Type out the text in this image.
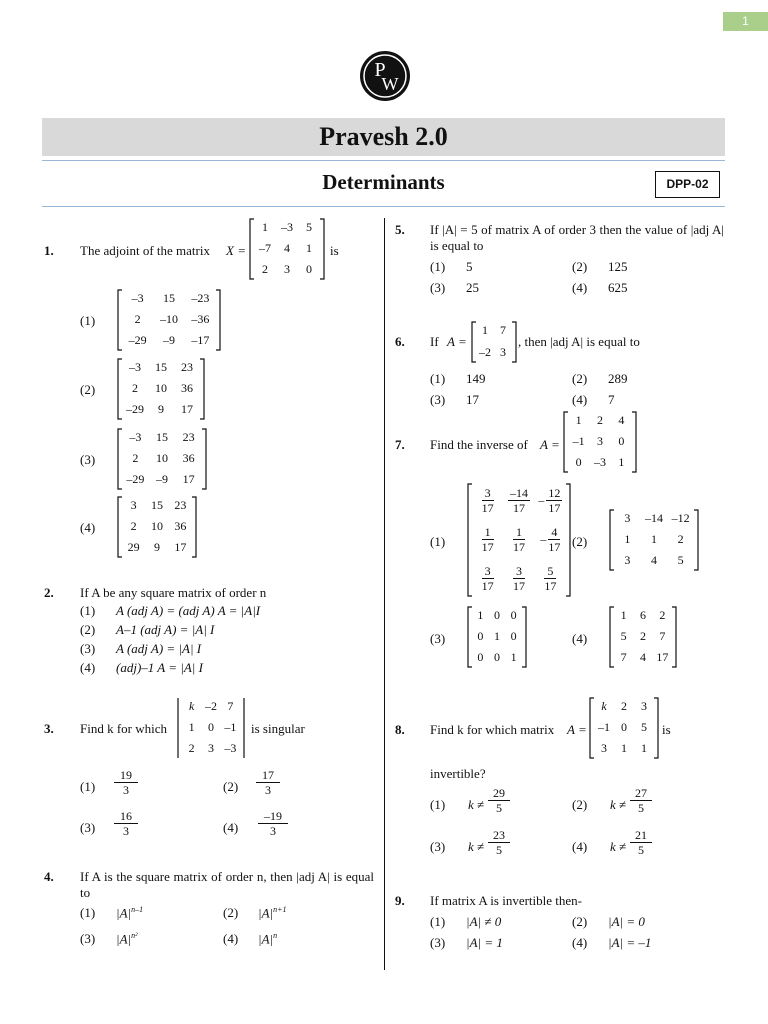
1
P
W
Pravesh 2.0
Determinants	DPP-02
1. The adjoint of the matrix X =
1	–3	5
–7	4	1
2	3	0
is
(1)
–3	15	–23
2	–10	–36
–29	–9	–17
(2)
–3	15	23
2	10	36
–29	9	17
(3)
–3	15	23
2	10	36
–29 –9	17
(4)
3	15 23
2	10 36
29	9	17
2. If A be any square matrix of order n
(1) A (adj A) = (adj A) A = |A|I
(2) A–1 (adj A) = |A| I
(3) A (adj A) = |A| I
(4) (adj)–1 A = |A| I
3. Find k for which
k –2 7
1	0 –1
2	3 –3
is singular
$(1) \frac{19}{3}$	$(2) \frac{17}{3}$
$(3) \frac{16}{3}$	$(4) \frac{-19}{3}$
4. If A is the square matrix of order n, then |adj A| is equal to
(1) $|A|^{n-1}$	(2) $|A|^{n+1}$
(3) $|A|^{n^2}$	(4) $|A|^n$
5. If |A| = 5 of matrix A of order 3 then the value of |adj A| is equal to
(1) 5	(2) 125
(3) 25	(4) 625
6. If A =
1	7
–2 3
, then |adj A| is equal to
(1) 149	(2) 289
(3) 17	(4) 7
7. Find the inverse of A =
1	2	4
–1	3	0
0	–3	1
(1)
$\frac{3}{17} \frac{-14}{17} - \frac{12}{17}$
$\frac{1}{17} \frac{1}{17} - \frac{4}{17}$
$\frac{3}{17} \frac{3}{17} \frac{5}{17}$
(2)
3	–14 –12
1	1	2
3	4	5
(3)
1 0 0
0 1 0
0 0 1
(4)
1	6	2
5	2	7
7	4 17
8. Find k for which matrix A =
k	2	3
–1 0	5
3	1	1
is
invertible?
(1) $k \ne \frac{29}{5}$	(2) $k \ne \frac{27}{5}$
(3) $k \ne \frac{23}{5}$	(4) $k \ne \frac{21}{5}$
9. If matrix A is invertible then-
(1) |A| ≠ 0	(2) |A| = 0
(3) |A| = 1	(4) |A| = –1
